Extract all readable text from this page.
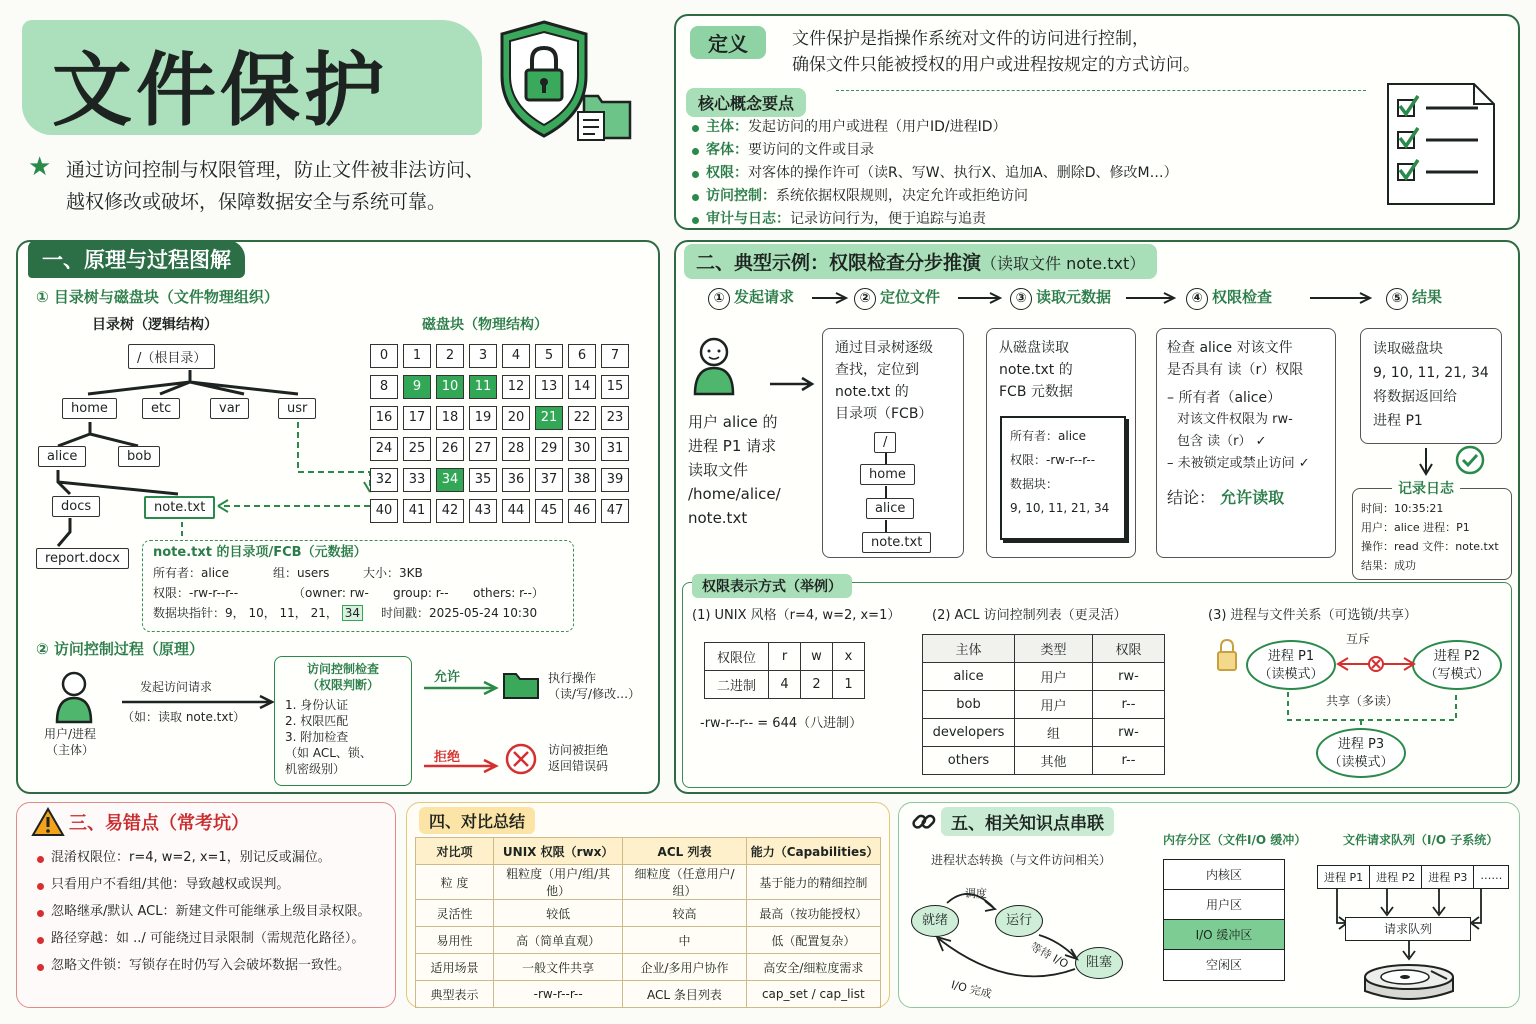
文件保护
★ 通过访问控制与权限管理，防止文件被非法访问、
越权修改或破坏，保障数据安全与系统可靠。
定义	文件保护是指操作系统对文件的访问进行控制，
确保文件只能被授权的用户或进程按规定的方式访问。
核心概念要点
主体：发起访问的用户或进程（用户ID/进程ID）
客体：要访问的文件或目录
权限：对客体的操作许可（读R、写W、执行X、追加A、删除D、修改M…）
访问控制：系统依据权限规则，决定允许或拒绝访问
审计与日志：记录访问行为，便于追踪与追责
一、原理与过程图解
① 目录树与磁盘块（文件物理组织）
目录树（逻辑结构）	磁盘块（物理结构）
/（根目录）
home	etc	var	usr
alice	bob
docs	note.txt
report.docx
0	1	2	3	4	5	6	7
8	9	10	11	12	13	14	15
16	17	18	19	20	21	22	23
24	25	26	27	28	29	30	31
32	33	34	35	36	37	38	39
40	41	42	43	44	45	46	47
note.txt 的目录项/FCB（元数据）
所有者：alice	组：users	大小：3KB
权限：-rw-r--r--	（owner: rw- group: r-- others: r--）
数据块指针：9， 10， 11， 21， 34 时间戳：2025-05-24 10:30
② 访问控制过程（原理）
用户/进程
（主体）
发起访问请求
（如：读取 note.txt）
访问控制检查
（权限判断）
1. 身份认证
2. 权限匹配
3. 附加检查
（如 ACL、锁、
机密级别）
允许	执行操作
（读/写/修改…）
拒绝	访问被拒绝
返回错误码
二、典型示例：权限检查分步推演（读取文件 note.txt）
① 发起请求	② 定位文件	③ 读取元数据	④ 权限检查	⑤ 结果
用户 alice 的
进程 P1 请求
读取文件
/home/alice/
note.txt
通过目录树逐级
查找，定位到
note.txt 的
目录项（FCB）
/
home
alice
note.txt
从磁盘读取
note.txt 的
FCB 元数据
所有者：alice
权限：-rw-r--r--
数据块：
9, 10, 11, 21, 34
检查 alice 对该文件
是否具有 读（r）权限
– 所有者（alice）
对该文件权限为 rw-
包含 读（r） ✓
– 未被锁定或禁止访问 ✓
结论： 允许读取
读取磁盘块
9, 10, 11, 21, 34
将数据返回给
进程 P1
时间：10:35:21
用户：alice 进程：P1
操作：read 文件：note.txt
结果：成功
记录日志
权限表示方式（举例）
(1) UNIX 风格（r=4, w=2, x=1）
权限位	r	w	x
二进制	4	2	1
-rw-r--r-- = 644（八进制）
(2) ACL 访问控制列表（更灵活）
主体	类型	权限
alice	用户	rw-
bob	用户	r--
developers	组	rw-
others	其他	r--
(3) 进程与文件关系（可选锁/共享）
进程 P1
（读模式）
进程 P2
（写模式）
进程 P3
（读模式）
互斥
共享（多读）
三、易错点（常考坑）
混淆权限位：r=4, w=2, x=1，别记反或漏位。
只看用户不看组/其他：导致越权或误判。
忽略继承/默认 ACL：新建文件可能继承上级目录权限。
路径穿越：如 ../ 可能绕过目录限制（需规范化路径）。
忽略文件锁：写锁存在时仍写入会破坏数据一致性。
四、对比总结
对比项	UNIX 权限（rwx）	ACL 列表	能力（Capabilities）
粒 度	粗粒度（用户/组/其他）	细粒度（任意用户/组）	基于能力的精细控制
灵活性	较低	较高	最高（按功能授权）
易用性	高（简单直观）	中	低（配置复杂）
适用场景	一般文件共享	企业/多用户协作	高安全/细粒度需求
典型表示	-rw-r--r--	ACL 条目列表	cap_set / cap_list
五、相关知识点串联
进程状态转换（与文件访问相关）
就绪	运行
阻塞
调度
等待 I/O
I/O 完成
内存分区（文件I/O 缓冲）
内核区
用户区
I/O 缓冲区
空闲区
文件请求队列（I/O 子系统）
进程 P1	进程 P2	进程 P3	……
请求队列
